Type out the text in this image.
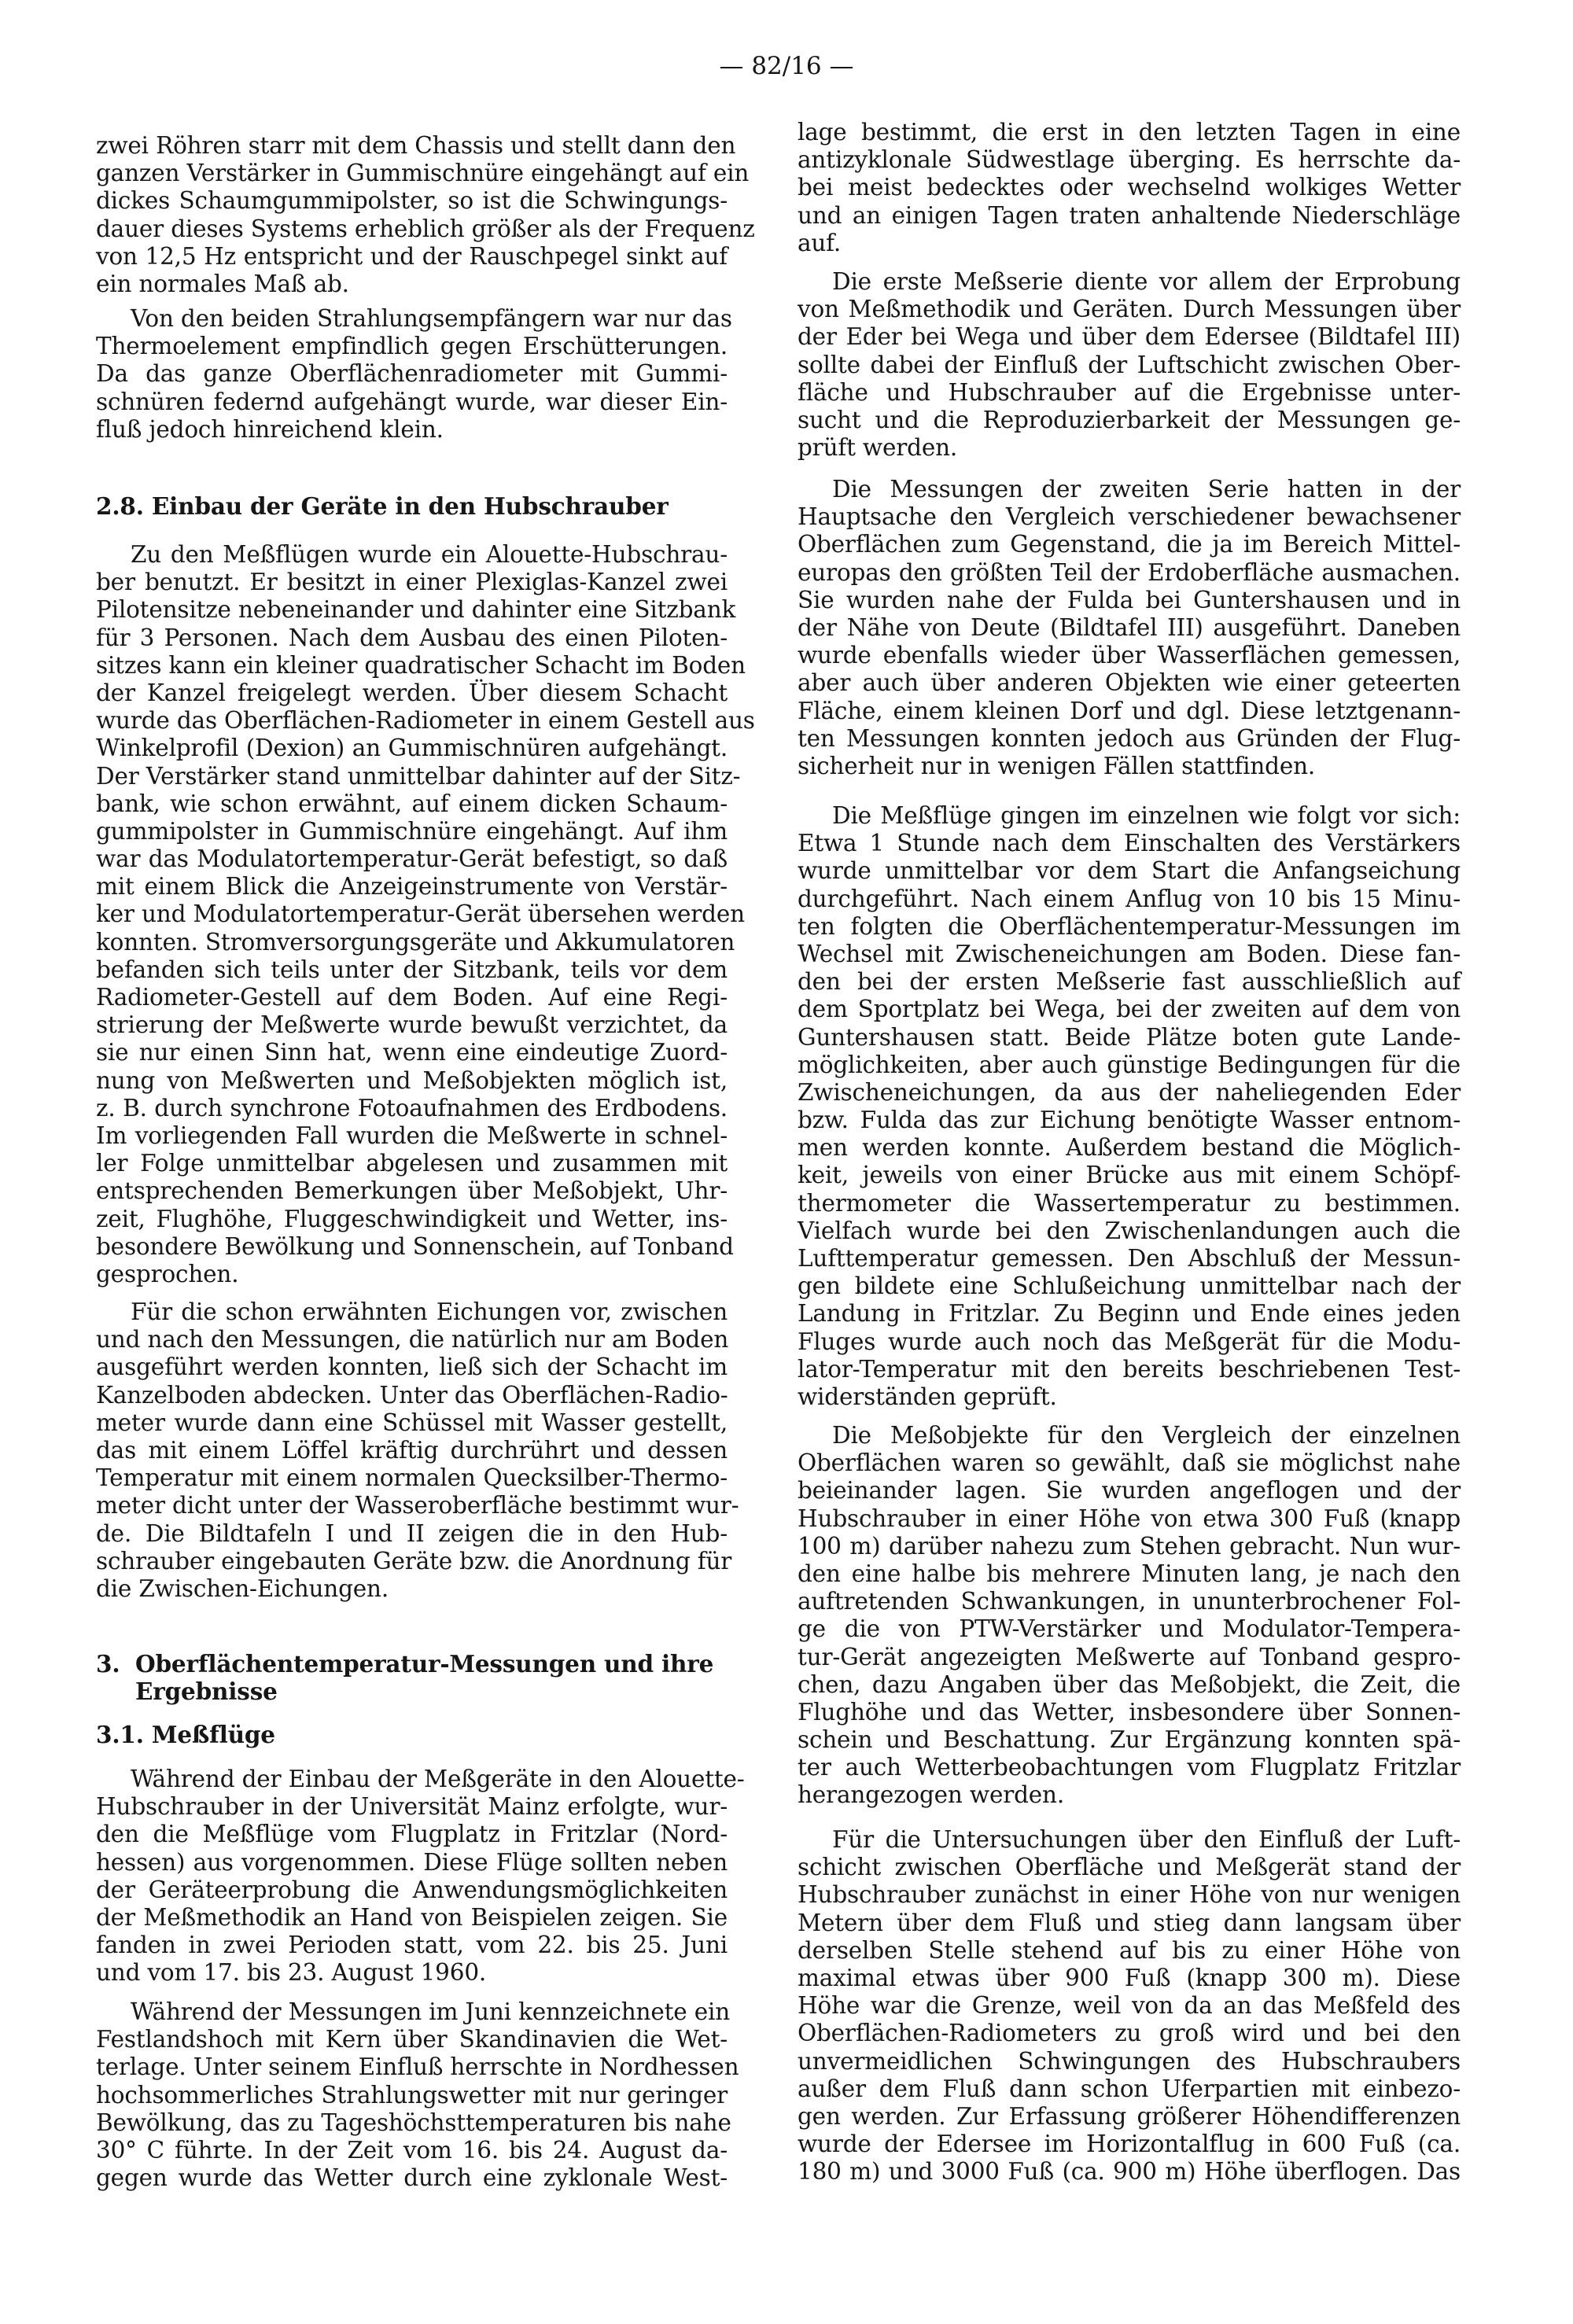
— 82/16 —
zwei Röhren starr mit dem Chassis und stellt dann den
ganzen Verstärker in Gummischnüre eingehängt auf ein
dickes Schaumgummipolster, so ist die Schwingungs-
dauer dieses Systems erheblich größer als der Frequenz
von 12,5 Hz entspricht und der Rauschpegel sinkt auf
ein normales Maß ab.
Von den beiden Strahlungsempfängern war nur das
Thermoelement empfindlich gegen Erschütterungen.
Da das ganze Oberflächenradiometer mit Gummi-
schnüren federnd aufgehängt wurde, war dieser Ein-
fluß jedoch hinreichend klein.
2.8. Einbau der Geräte in den Hubschrauber
Zu den Meßflügen wurde ein Alouette-Hubschrau-
ber benutzt. Er besitzt in einer Plexiglas-Kanzel zwei
Pilotensitze nebeneinander und dahinter eine Sitzbank
für 3 Personen. Nach dem Ausbau des einen Piloten-
sitzes kann ein kleiner quadratischer Schacht im Boden
der Kanzel freigelegt werden. Über diesem Schacht
wurde das Oberflächen-Radiometer in einem Gestell aus
Winkelprofil (Dexion) an Gummischnüren aufgehängt.
Der Verstärker stand unmittelbar dahinter auf der Sitz-
bank, wie schon erwähnt, auf einem dicken Schaum-
gummipolster in Gummischnüre eingehängt. Auf ihm
war das Modulatortemperatur-Gerät befestigt, so daß
mit einem Blick die Anzeigeinstrumente von Verstär-
ker und Modulatortemperatur-Gerät übersehen werden
konnten. Stromversorgungsgeräte und Akkumulatoren
befanden sich teils unter der Sitzbank, teils vor dem
Radiometer-Gestell auf dem Boden. Auf eine Regi-
strierung der Meßwerte wurde bewußt verzichtet, da
sie nur einen Sinn hat, wenn eine eindeutige Zuord-
nung von Meßwerten und Meßobjekten möglich ist,
z. B. durch synchrone Fotoaufnahmen des Erdbodens.
Im vorliegenden Fall wurden die Meßwerte in schnel-
ler Folge unmittelbar abgelesen und zusammen mit
entsprechenden Bemerkungen über Meßobjekt, Uhr-
zeit, Flughöhe, Fluggeschwindigkeit und Wetter, ins-
besondere Bewölkung und Sonnenschein, auf Tonband
gesprochen.
Für die schon erwähnten Eichungen vor, zwischen
und nach den Messungen, die natürlich nur am Boden
ausgeführt werden konnten, ließ sich der Schacht im
Kanzelboden abdecken. Unter das Oberflächen-Radio-
meter wurde dann eine Schüssel mit Wasser gestellt,
das mit einem Löffel kräftig durchrührt und dessen
Temperatur mit einem normalen Quecksilber-Thermo-
meter dicht unter der Wasseroberfläche bestimmt wur-
de. Die Bildtafeln I und II zeigen die in den Hub-
schrauber eingebauten Geräte bzw. die Anordnung für
die Zwischen-Eichungen.
3. Oberflächentemperatur-Messungen und ihre
Ergebnisse
3.1. Meßflüge
Während der Einbau der Meßgeräte in den Alouette-
Hubschrauber in der Universität Mainz erfolgte, wur-
den die Meßflüge vom Flugplatz in Fritzlar (Nord-
hessen) aus vorgenommen. Diese Flüge sollten neben
der Geräteerprobung die Anwendungsmöglichkeiten
der Meßmethodik an Hand von Beispielen zeigen. Sie
fanden in zwei Perioden statt, vom 22. bis 25. Juni
und vom 17. bis 23. August 1960.
Während der Messungen im Juni kennzeichnete ein
Festlandshoch mit Kern über Skandinavien die Wet-
terlage. Unter seinem Einfluß herrschte in Nordhessen
hochsommerliches Strahlungswetter mit nur geringer
Bewölkung, das zu Tageshöchsttemperaturen bis nahe
30° C führte. In der Zeit vom 16. bis 24. August da-
gegen wurde das Wetter durch eine zyklonale West-
lage bestimmt, die erst in den letzten Tagen in eine
antizyklonale Südwestlage überging. Es herrschte da-
bei meist bedecktes oder wechselnd wolkiges Wetter
und an einigen Tagen traten anhaltende Niederschläge
auf.
Die erste Meßserie diente vor allem der Erprobung
von Meßmethodik und Geräten. Durch Messungen über
der Eder bei Wega und über dem Edersee (Bildtafel III)
sollte dabei der Einfluß der Luftschicht zwischen Ober-
fläche und Hubschrauber auf die Ergebnisse unter-
sucht und die Reproduzierbarkeit der Messungen ge-
prüft werden.
Die Messungen der zweiten Serie hatten in der
Hauptsache den Vergleich verschiedener bewachsener
Oberflächen zum Gegenstand, die ja im Bereich Mittel-
europas den größten Teil der Erdoberfläche ausmachen.
Sie wurden nahe der Fulda bei Guntershausen und in
der Nähe von Deute (Bildtafel III) ausgeführt. Daneben
wurde ebenfalls wieder über Wasserflächen gemessen,
aber auch über anderen Objekten wie einer geteerten
Fläche, einem kleinen Dorf und dgl. Diese letztgenann-
ten Messungen konnten jedoch aus Gründen der Flug-
sicherheit nur in wenigen Fällen stattfinden.
Die Meßflüge gingen im einzelnen wie folgt vor sich:
Etwa 1 Stunde nach dem Einschalten des Verstärkers
wurde unmittelbar vor dem Start die Anfangseichung
durchgeführt. Nach einem Anflug von 10 bis 15 Minu-
ten folgten die Oberflächentemperatur-Messungen im
Wechsel mit Zwischeneichungen am Boden. Diese fan-
den bei der ersten Meßserie fast ausschließlich auf
dem Sportplatz bei Wega, bei der zweiten auf dem von
Guntershausen statt. Beide Plätze boten gute Lande-
möglichkeiten, aber auch günstige Bedingungen für die
Zwischeneichungen, da aus der naheliegenden Eder
bzw. Fulda das zur Eichung benötigte Wasser entnom-
men werden konnte. Außerdem bestand die Möglich-
keit, jeweils von einer Brücke aus mit einem Schöpf-
thermometer die Wassertemperatur zu bestimmen.
Vielfach wurde bei den Zwischenlandungen auch die
Lufttemperatur gemessen. Den Abschluß der Messun-
gen bildete eine Schlußeichung unmittelbar nach der
Landung in Fritzlar. Zu Beginn und Ende eines jeden
Fluges wurde auch noch das Meßgerät für die Modu-
lator-Temperatur mit den bereits beschriebenen Test-
widerständen geprüft.
Die Meßobjekte für den Vergleich der einzelnen
Oberflächen waren so gewählt, daß sie möglichst nahe
beieinander lagen. Sie wurden angeflogen und der
Hubschrauber in einer Höhe von etwa 300 Fuß (knapp
100 m) darüber nahezu zum Stehen gebracht. Nun wur-
den eine halbe bis mehrere Minuten lang, je nach den
auftretenden Schwankungen, in ununterbrochener Fol-
ge die von PTW-Verstärker und Modulator-Tempera-
tur-Gerät angezeigten Meßwerte auf Tonband gespro-
chen, dazu Angaben über das Meßobjekt, die Zeit, die
Flughöhe und das Wetter, insbesondere über Sonnen-
schein und Beschattung. Zur Ergänzung konnten spä-
ter auch Wetterbeobachtungen vom Flugplatz Fritzlar
herangezogen werden.
Für die Untersuchungen über den Einfluß der Luft-
schicht zwischen Oberfläche und Meßgerät stand der
Hubschrauber zunächst in einer Höhe von nur wenigen
Metern über dem Fluß und stieg dann langsam über
derselben Stelle stehend auf bis zu einer Höhe von
maximal etwas über 900 Fuß (knapp 300 m). Diese
Höhe war die Grenze, weil von da an das Meßfeld des
Oberflächen-Radiometers zu groß wird und bei den
unvermeidlichen Schwingungen des Hubschraubers
außer dem Fluß dann schon Uferpartien mit einbezo-
gen werden. Zur Erfassung größerer Höhendifferenzen
wurde der Edersee im Horizontalflug in 600 Fuß (ca.
180 m) und 3000 Fuß (ca. 900 m) Höhe überflogen. Das
